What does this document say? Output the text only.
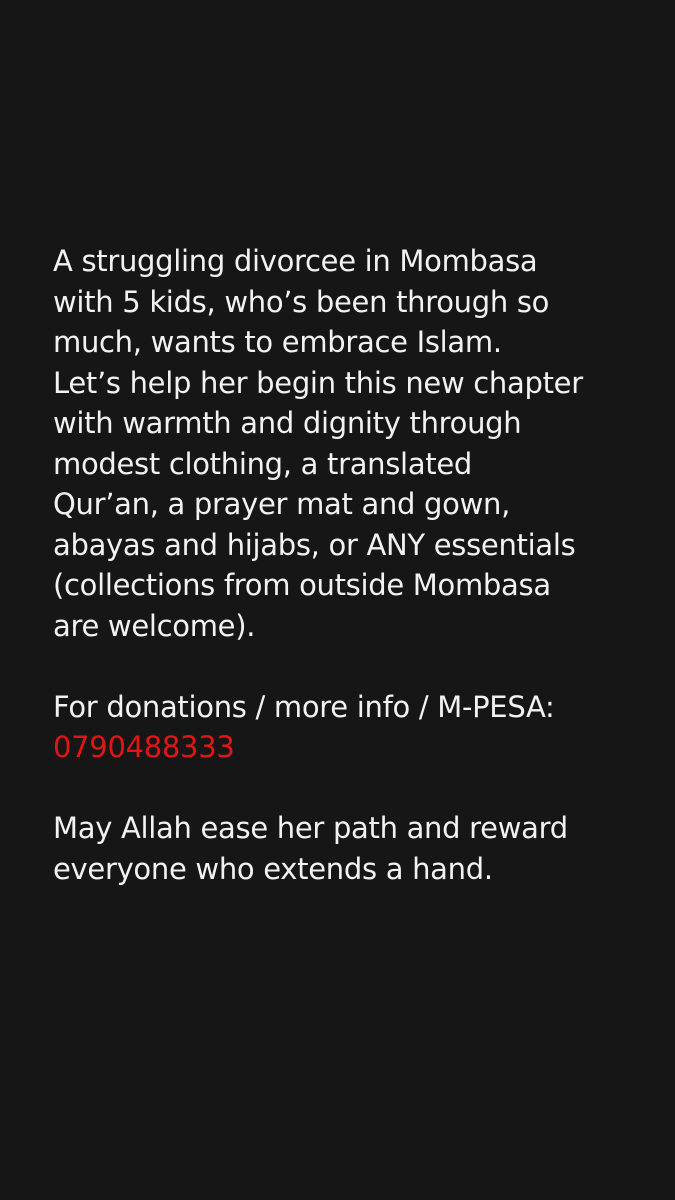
A struggling divorcee in Mombasa
with 5 kids, who’s been through so
much, wants to embrace Islam.
Let’s help her begin this new chapter
with warmth and dignity through
modest clothing, a translated
Qur’an, a prayer mat and gown,
abayas and hijabs, or ANY essentials
(collections from outside Mombasa
are welcome).

For donations / more info / M-PESA:
0790488333

May Allah ease her path and reward
everyone who extends a hand.
